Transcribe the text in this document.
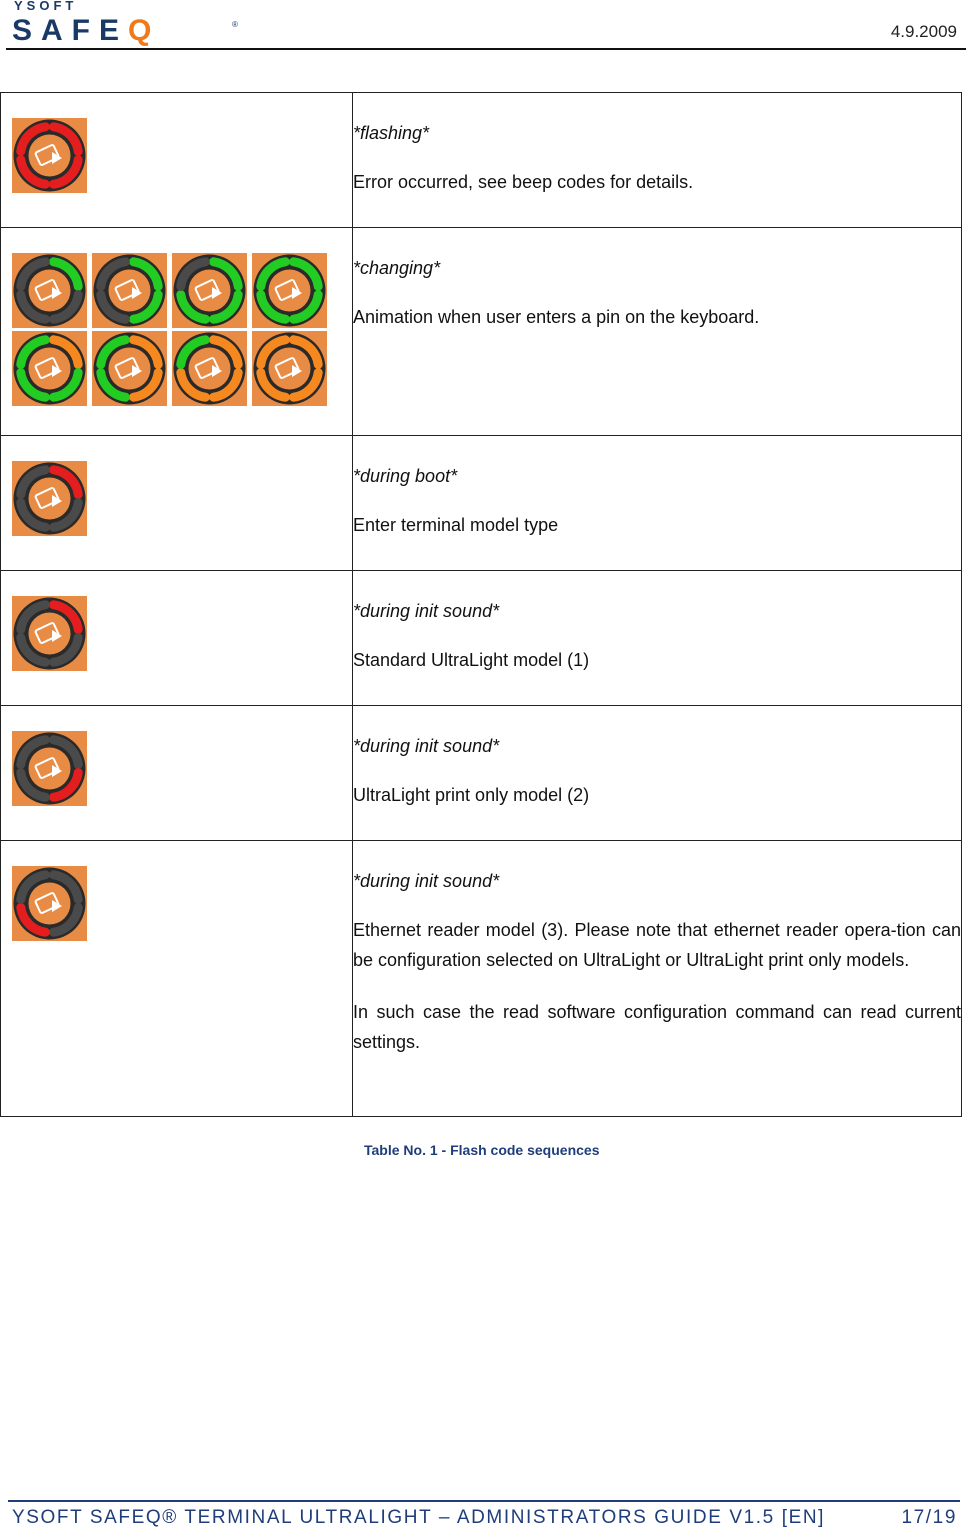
YSOFT
SAFEQ	®	4.9.2009

*flashing*

Error occurred, see beep codes for details.

*changing*

Animation when user enters a pin on the keyboard.

*during boot*

Enter terminal model type

*during init sound*

Standard UltraLight model (1)

*during init sound*

UltraLight print only model (2)

*during init sound*

Ethernet reader model (3). Please note that ethernet reader opera-tion can be configuration selected on UltraLight or UltraLight print only models.

In such case the read software configuration command can read current settings.

Table No. 1 - Flash code sequences
YSOFT SAFEQ® TERMINAL ULTRALIGHT – ADMINISTRATORS GUIDE V1.5 [EN]	17/19
